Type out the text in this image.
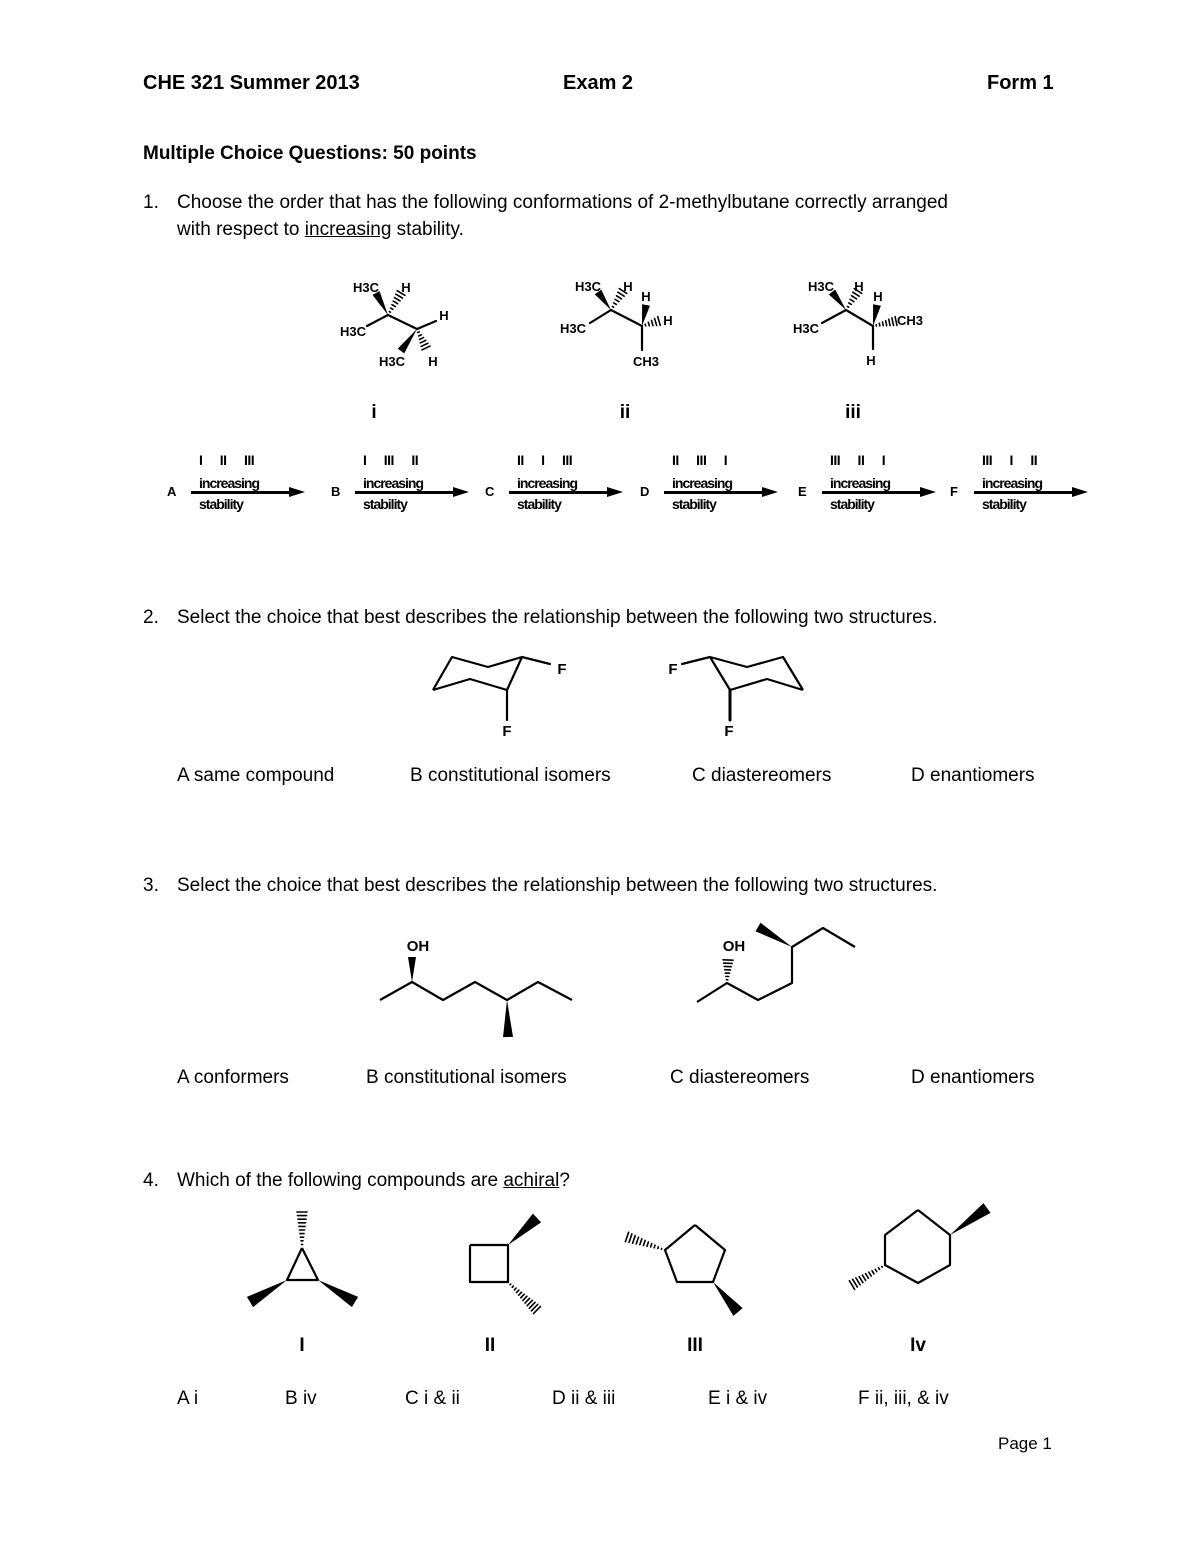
CHE 321 Summer 2013	Exam 2	Form 1
Multiple Choice Questions: 50 points
1. Choose the order that has the following conformations of 2-methylbutane correctly arranged
with respect to increasing stability.
i	ii	iii
I II III
A
increasing
stability
I III II
B
increasing
stability
II I III
C
increasing
stability
II III I
D
increasing
stability
III II I
E
increasing
stability
III I II
F
increasing
stability
2. Select the choice that best describes the relationship between the following two structures.
A same compound	B constitutional isomers	C diastereomers	D enantiomers
3. Select the choice that best describes the relationship between the following two structures.
A conformers	B constitutional isomers	C diastereomers	D enantiomers
4. Which of the following compounds are achiral?
I	II	III	Iv
A i	B iv	C i & ii	D ii & iii	E i & iv	F ii, iii, & iv
Page 1
H3C H
H3C
H
H3C H
H3C H
H3C
H
H
CH3
H3C H
H3C
H
CH3
H
F
F
F
F
OH	OH
